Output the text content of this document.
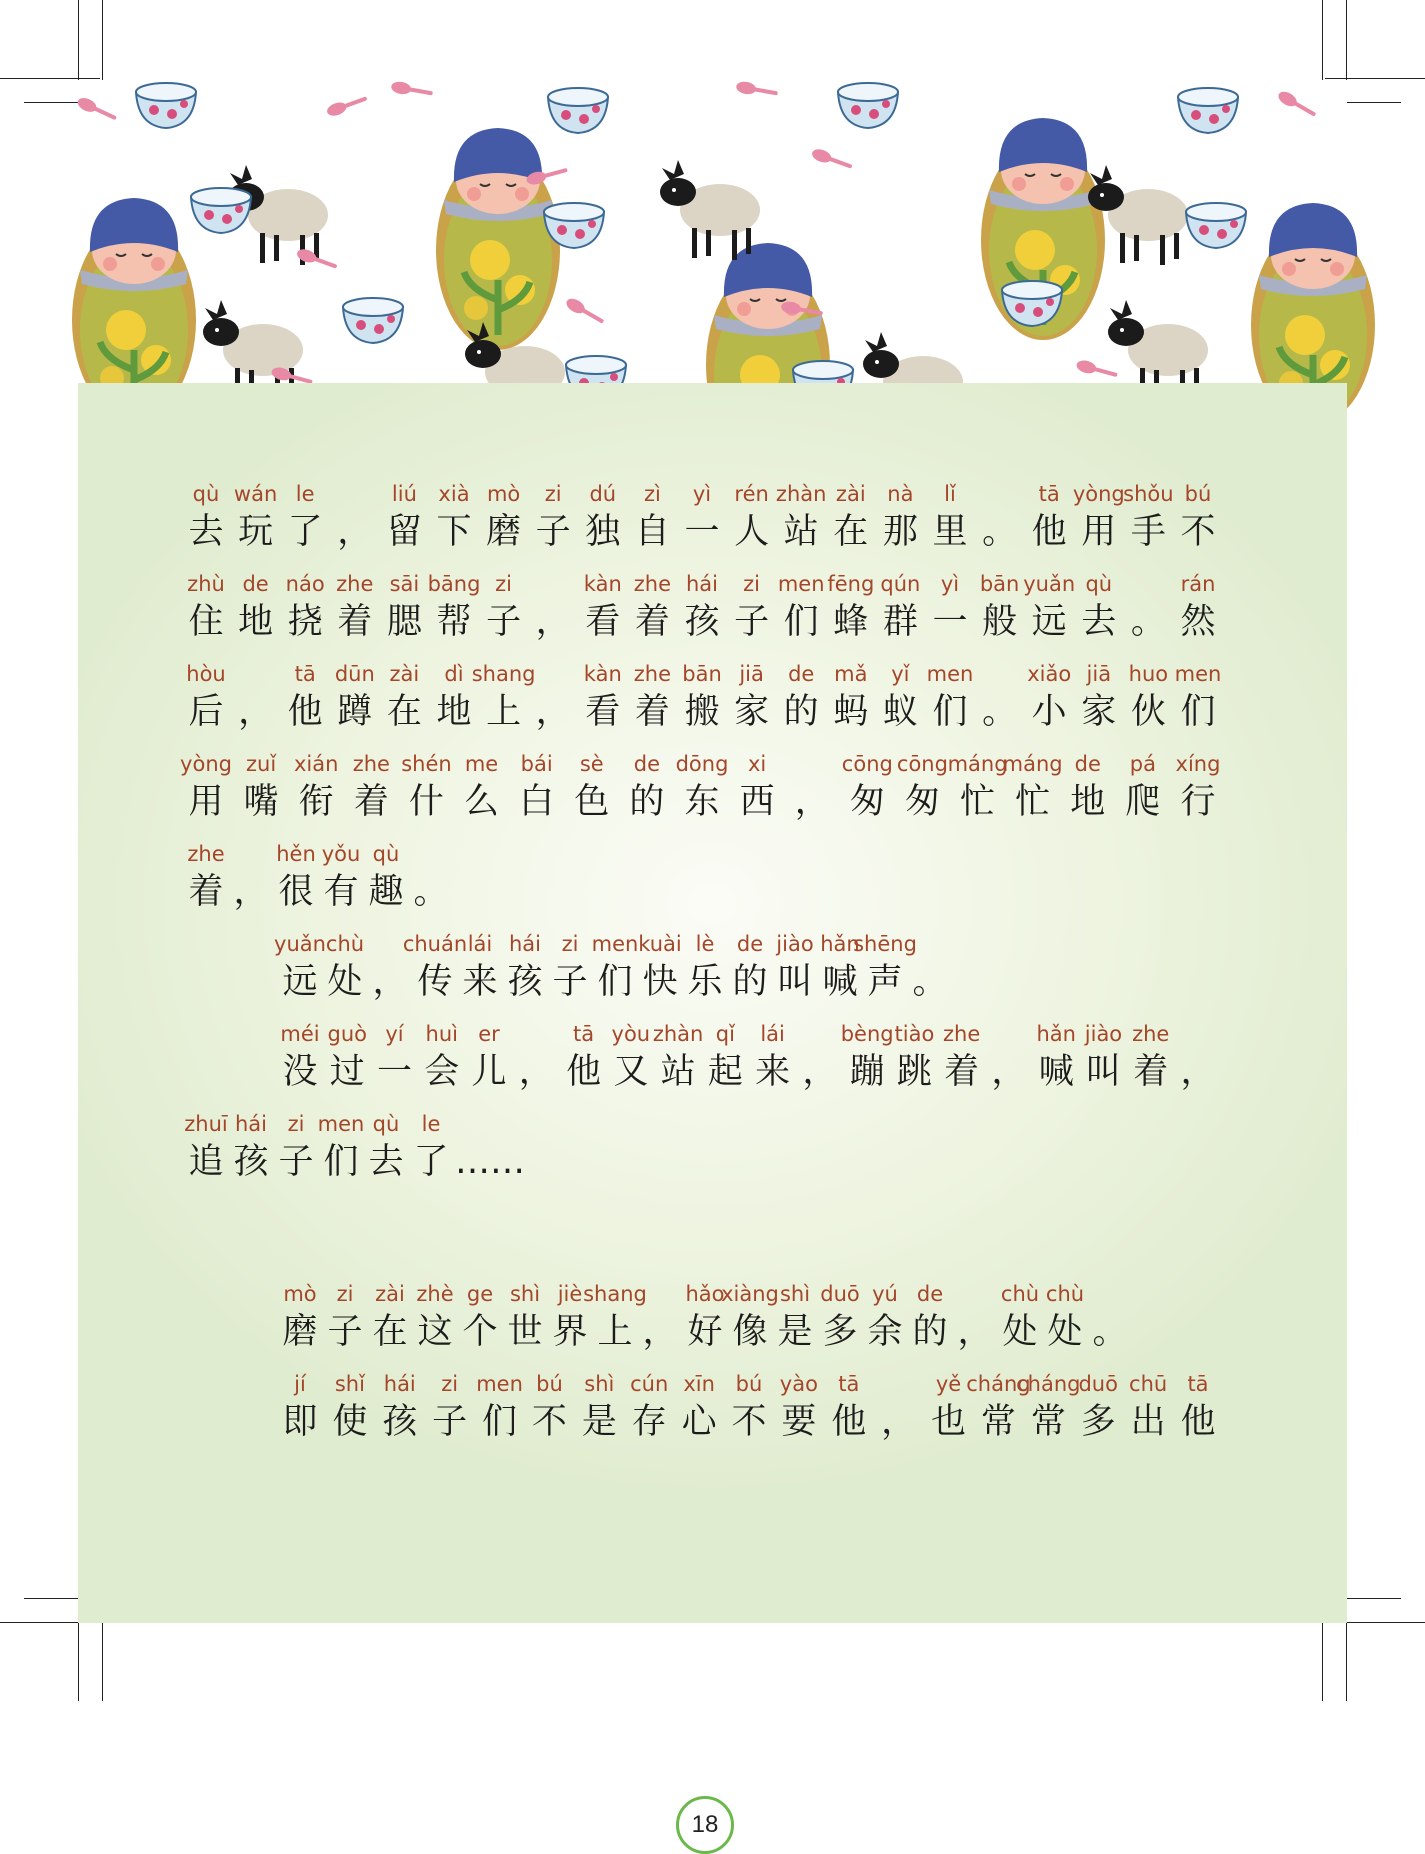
qù
去
wán
玩
le
了 ，
liú
留
xià
下
mò
磨
zi
子
dú
独
zì
自
yì
一
rén
人
zhàn
站
zài
在
nà
那
lǐ
里 。
tā
他
yòng
用
shǒu
手
bú
不
zhù
住
de
地
náo
挠
zhe
着
sāi
腮
bāng
帮
zi
子 ，
kàn
看
zhe
着
hái
孩
zi
子
men
们
fēng
蜂
qún
群
yì
一
bān
般
yuǎn
远
qù
去 。
rán
然
hòu
后 ，
tā
他
dūn
蹲
zài
在
dì
地
shang
上 ，
kàn
看
zhe
着
bān
搬
jiā
家
de
的
mǎ
蚂
yǐ
蚁
men
们 。
xiǎo
小
jiā
家
huo
伙
men
们
yòng
用
zuǐ
嘴
xián
衔
zhe
着
shén
什
me
么
bái
白
sè
色
de
的
dōng
东
xi
西 ，
cōng
匆
cōng
匆
máng
忙
máng
忙
de
地
pá
爬
xíng
行
zhe
着 ，
hěn
很
yǒu
有
qù
趣 。
yuǎn
远
chù
处 ，
chuán
传
lái
来
hái
孩
zi
子
men
们
kuài
快
lè
乐
de
的
jiào
叫
hǎn
喊
shēng
声 。
méi
没
guò
过
yí
一
huì
会
er
儿 ，
tā
他
yòu
又
zhàn
站
qǐ
起
lái
来 ，
bèng
蹦
tiào
跳
zhe
着 ，
hǎn
喊
jiào
叫
zhe
着 ，
zhuī
追
hái
孩
zi
子
men
们
qù
去
le
了 ……
mò
磨
zi
子
zài
在
zhè
这
ge
个
shì
世
jiè
界
shang
上 ，
hǎo
好
xiàng
像
shì
是
duō
多
yú
余
de
的 ，
chù
处
chù
处 。
jí
即
shǐ
使
hái
孩
zi
子
men
们
bú
不
shì
是
cún
存
xīn
心
bú
不
yào
要
tā
他 ，
yě
也
cháng
常
cháng
常
duō
多
chū
出
tā
他
18
